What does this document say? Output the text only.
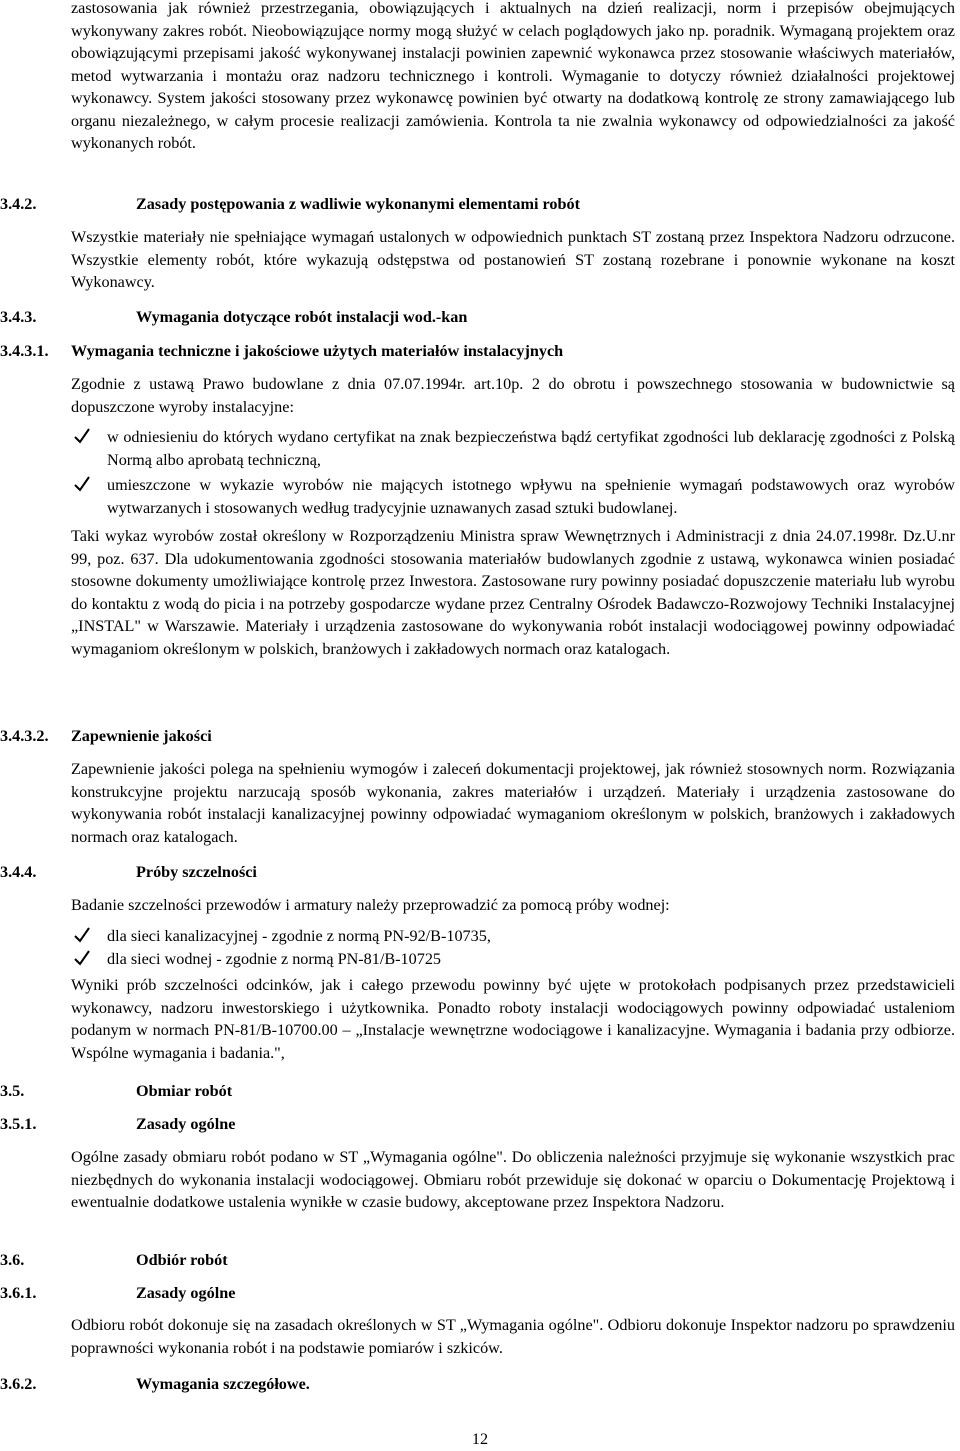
zastosowania jak również przestrzegania, obowiązujących i aktualnych na dzień realizacji, norm i przepisów obejmujących wykonywany zakres robót. Nieobowiązujące normy mogą służyć w celach poglądowych jako np. poradnik. Wymaganą projektem oraz obowiązującymi przepisami jakość wykonywanej instalacji powinien zapewnić wykonawca przez stosowanie właściwych materiałów, metod wytwarzania i montażu oraz nadzoru technicznego i kontroli. Wymaganie to dotyczy również działalności projektowej wykonawcy. System jakości stosowany przez wykonawcę powinien być otwarty na dodatkową kontrolę ze strony zamawiającego lub organu niezależnego, w całym procesie realizacji zamówienia. Kontrola ta nie zwalnia wykonawcy od odpowiedzialności za jakość wykonanych robót.

3.4.2.	Zasady postępowania z wadliwie wykonanymi elementami robót

Wszystkie materiały nie spełniające wymagań ustalonych w odpowiednich punktach ST zostaną przez Inspektora Nadzoru odrzucone. Wszystkie elementy robót, które wykazują odstępstwa od postanowień ST zostaną rozebrane i ponownie wykonane na koszt Wykonawcy.

3.4.3.	Wymagania dotyczące robót instalacji wod.-kan
3.4.3.1. Wymagania techniczne i jakościowe użytych materiałów instalacyjnych

Zgodnie z ustawą Prawo budowlane z dnia 07.07.1994r. art.10p. 2 do obrotu i powszechnego stosowania w budownictwie są dopuszczone wyroby instalacyjne:

w odniesieniu do których wydano certyfikat na znak bezpieczeństwa bądź certyfikat zgodności lub deklarację zgodności z Polską Normą albo aprobatą techniczną,
umieszczone w wykazie wyrobów nie mających istotnego wpływu na spełnienie wymagań podstawowych oraz wyrobów wytwarzanych i stosowanych według tradycyjnie uznawanych zasad sztuki budowlanej.

Taki wykaz wyrobów został określony w Rozporządzeniu Ministra spraw Wewnętrznych i Administracji z dnia 24.07.1998r. Dz.U.nr 99, poz. 637. Dla udokumentowania zgodności stosowania materiałów budowlanych zgodnie z ustawą, wykonawca winien posiadać stosowne dokumenty umożliwiające kontrolę przez Inwestora. Zastosowane rury powinny posiadać dopuszczenie materiału lub wyrobu do kontaktu z wodą do picia i na potrzeby gospodarcze wydane przez Centralny Ośrodek Badawczo-Rozwojowy Techniki Instalacyjnej „INSTAL" w Warszawie. Materiały i urządzenia zastosowane do wykonywania robót instalacji wodociągowej powinny odpowiadać wymaganiom określonym w polskich, branżowych i zakładowych normach oraz katalogach.

3.4.3.2. Zapewnienie jakości

Zapewnienie jakości polega na spełnieniu wymogów i zaleceń dokumentacji projektowej, jak również stosownych norm. Rozwiązania konstrukcyjne projektu narzucają sposób wykonania, zakres materiałów i urządzeń. Materiały i urządzenia zastosowane do wykonywania robót instalacji kanalizacyjnej powinny odpowiadać wymaganiom określonym w polskich, branżowych i zakładowych normach oraz katalogach.

3.4.4.	Próby szczelności

Badanie szczelności przewodów i armatury należy przeprowadzić za pomocą próby wodnej:

dla sieci kanalizacyjnej - zgodnie z normą PN-92/B-10735,
dla sieci wodnej - zgodnie z normą PN-81/B-10725

Wyniki prób szczelności odcinków, jak i całego przewodu powinny być ujęte w protokołach podpisanych przez przedstawicieli wykonawcy, nadzoru inwestorskiego i użytkownika. Ponadto roboty instalacji wodociągowych powinny odpowiadać ustaleniom podanym w normach PN-81/B-10700.00 – „Instalacje wewnętrzne wodociągowe i kanalizacyjne. Wymagania i badania przy odbiorze. Wspólne wymagania i badania.",

3.5.	Obmiar robót
3.5.1.	Zasady ogólne

Ogólne zasady obmiaru robót podano w ST „Wymagania ogólne". Do obliczenia należności przyjmuje się wykonanie wszystkich prac niezbędnych do wykonania instalacji wodociągowej. Obmiaru robót przewiduje się dokonać w oparciu o Dokumentację Projektową i ewentualnie dodatkowe ustalenia wynikłe w czasie budowy, akceptowane przez Inspektora Nadzoru.

3.6.	Odbiór robót
3.6.1.	Zasady ogólne

Odbioru robót dokonuje się na zasadach określonych w ST „Wymagania ogólne". Odbioru dokonuje Inspektor nadzoru po sprawdzeniu poprawności wykonania robót i na podstawie pomiarów i szkiców.

3.6.2.	Wymagania szczegółowe.
12
